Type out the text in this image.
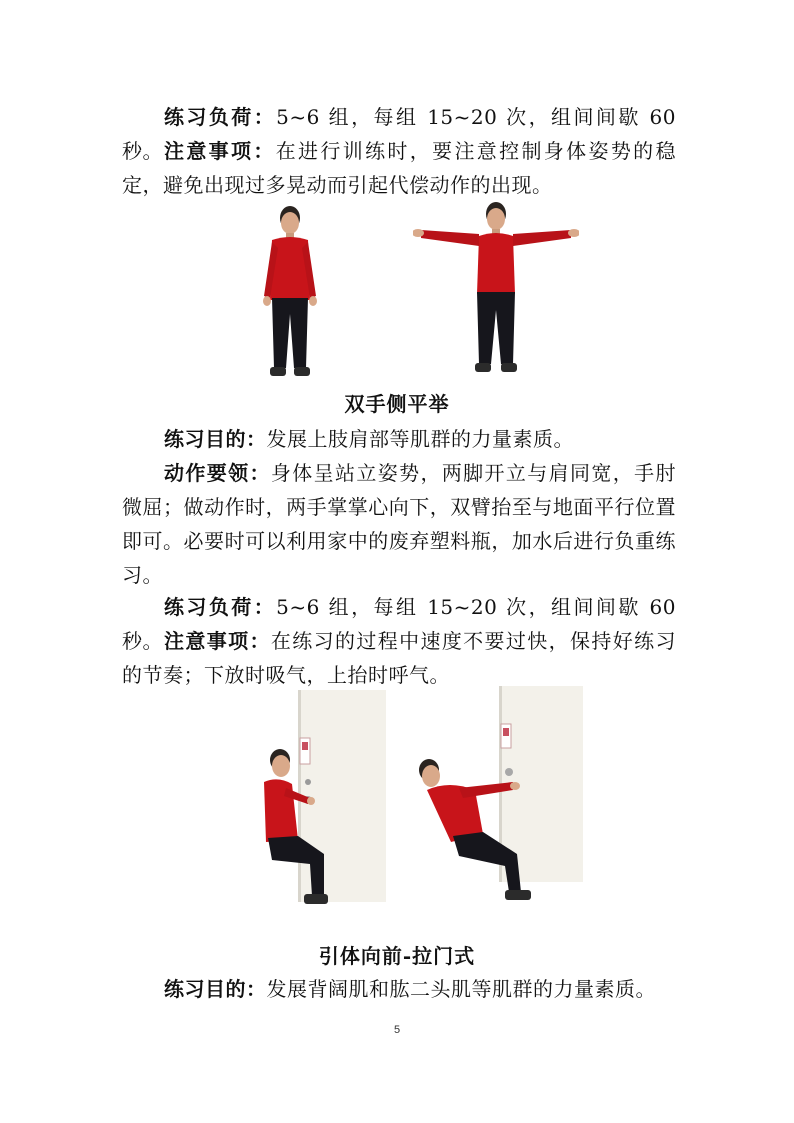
练习负荷：5~6 组，每组 15~20 次，组间间歇 60 秒。 注意事项：在进行训练时，要注意控制身体姿势的稳定，避免出现过多晃动而引起代偿动作的出现。
双手侧平举
练习目的：发展上肢肩部等肌群的力量素质。
动作要领：身体呈站立姿势，两脚开立与肩同宽，手肘微屈；做动作时，两手掌掌心向下，双臂抬至与地面平行位置即可。必要时可以利用家中的废弃塑料瓶，加水后进行负重练习。
练习负荷：5~6 组，每组 15~20 次，组间间歇 60 秒。 注意事项：在练习的过程中速度不要过快，保持好练习的节奏；下放时吸气，上抬时呼气。
引体向前-拉门式
练习目的：发展背阔肌和肱二头肌等肌群的力量素质。
5
